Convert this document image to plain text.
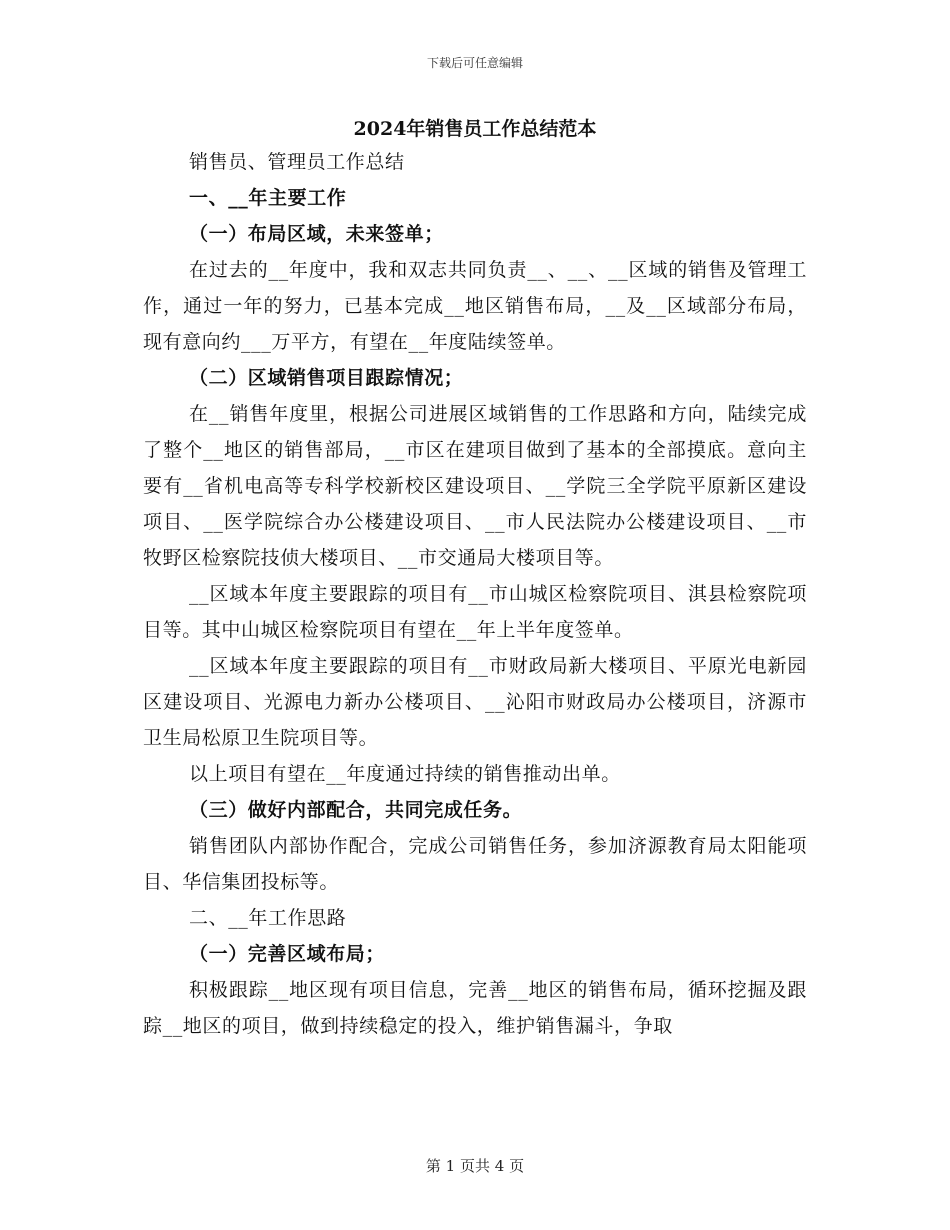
下载后可任意编辑

2024年销售员工作总结范本

销售员、管理员工作总结

一、__年主要工作

（一）布局区域，未来签单；

在过去的__年度中，我和双志共同负责__、__、__区域的销售及管理工作，通过一年的努力，已基本完成__地区销售布局，__及__区域部分布局，现有意向约___万平方，有望在__年度陆续签单。

（二）区域销售项目跟踪情况；

在__销售年度里，根据公司进展区域销售的工作思路和方向，陆续完成了整个__地区的销售部局，__市区在建项目做到了基本的全部摸底。意向主要有__省机电高等专科学校新校区建设项目、__学院三全学院平原新区建设项目、__医学院综合办公楼建设项目、__市人民法院办公楼建设项目、__市牧野区检察院技侦大楼项目、__市交通局大楼项目等。

__区域本年度主要跟踪的项目有__市山城区检察院项目、淇县检察院项目等。其中山城区检察院项目有望在__年上半年度签单。

__区域本年度主要跟踪的项目有__市财政局新大楼项目、平原光电新园区建设项目、光源电力新办公楼项目、__沁阳市财政局办公楼项目，济源市卫生局松原卫生院项目等。

以上项目有望在__年度通过持续的销售推动出单。

（三）做好内部配合，共同完成任务。

销售团队内部协作配合，完成公司销售任务，参加济源教育局太阳能项目、华信集团投标等。

二、__年工作思路

（一）完善区域布局；

积极跟踪__地区现有项目信息，完善__地区的销售布局，循环挖掘及跟踪__地区的项目，做到持续稳定的投入，维护销售漏斗，争取

第 1 页共 4 页
